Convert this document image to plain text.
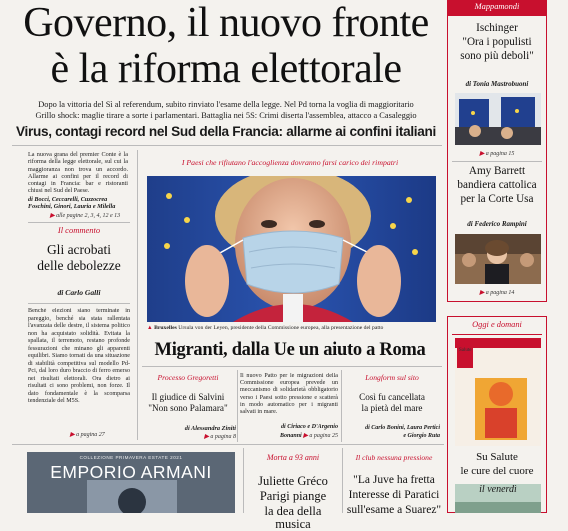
Governo, il nuovo fronte
è la riforma elettorale
Dopo la vittoria del Sì al referendum, subito rinviato l'esame della legge. Nel Pd torna la voglia di maggioritario
Grillo shock: maglie tirare a sorte i parlamentari. Battaglia nei 5S: Crimi diserta l'assemblea, attacco a Casaleggio
Virus, contagi record nel Sud della Francia: allarme ai confini italiani
La nuova grana del premier Conte è la riforma della legge elettorale, sul cui la maggioranza non trova un accordo. Allarme ai confini per il record di contagi in Francia: bar e ristoranti chiusi nel Sud del Paese.
di Bocci, Ceccarelli, Cuzzocrea Foschini, Ginori, Lauria e Milella
▶ alle pagine 2, 3, 4, 12 e 13
Il commento
Gli acrobati
delle debolezze
di Carlo Galli
Benché elezioni siano terminate in pareggio, benché sia stata rallentata l'avanzata delle destre, il sistema politico non ha acquistato solidità. Evitata la spallata, il terremoto, restano profonde fessurazioni che minano gli apparenti equilibri. Siamo tornati da una situazione di stabilità competitiva sul modello Pd-Pci, dal loro duro braccio di ferro emerso nei risultati elettorali. Ora dietro ai risultati ci sono problemi, non forze. Il dato fondamentale è la scomparsa tendenziale del M5S.
▶ a pagina 27
I Paesi che rifiutano l'accoglienza dovranno farsi carico dei rimpatri
▲ Bruxelles Ursula von der Leyen, presidente della Commissione europea, alla presentazione del patto
Migranti, dalla Ue un aiuto a Roma
Processo Gregoretti
Il giudice di Salvini
"Non sono Palamara"
di Alessandra Ziniti
▶ a pagina 8
Il nuovo Patto per le migrazioni della Commissione europea prevede un meccanismo di solidarietà obbligatorio verso i Paesi sotto pressione e scatterà in modo automatico per i migranti salvati in mare.
di Ciriaco e D'Argenio
Bonanni ▶ a pagina 25
Longform sul sito
Così fu cancellata
la pietà del mare
di Carlo Bonini, Laura Pertici
e Giorgio Ruta
COLLEZIONE PRIMAVERA ESTATE 2021
EMPORIO ARMANI
Morta a 93 anni
Juliette Gréco
Parigi piange
la dea della musica
Il club nessuna pressione
"La Juve ha fretta
Interesse di Paratici
sull'esame a Suarez"
Mappamondi
Ischinger
"Ora i populisti
sono più deboli"
di Tonia Mastrobuoni
▶ a pagina 15
Amy Barrett
bandiera cattolica
per la Corte Usa
di Federico Rampini
▶ a pagina 14
Oggi e domani
Salute
Su Salute
le cure del cuore
il venerdì
